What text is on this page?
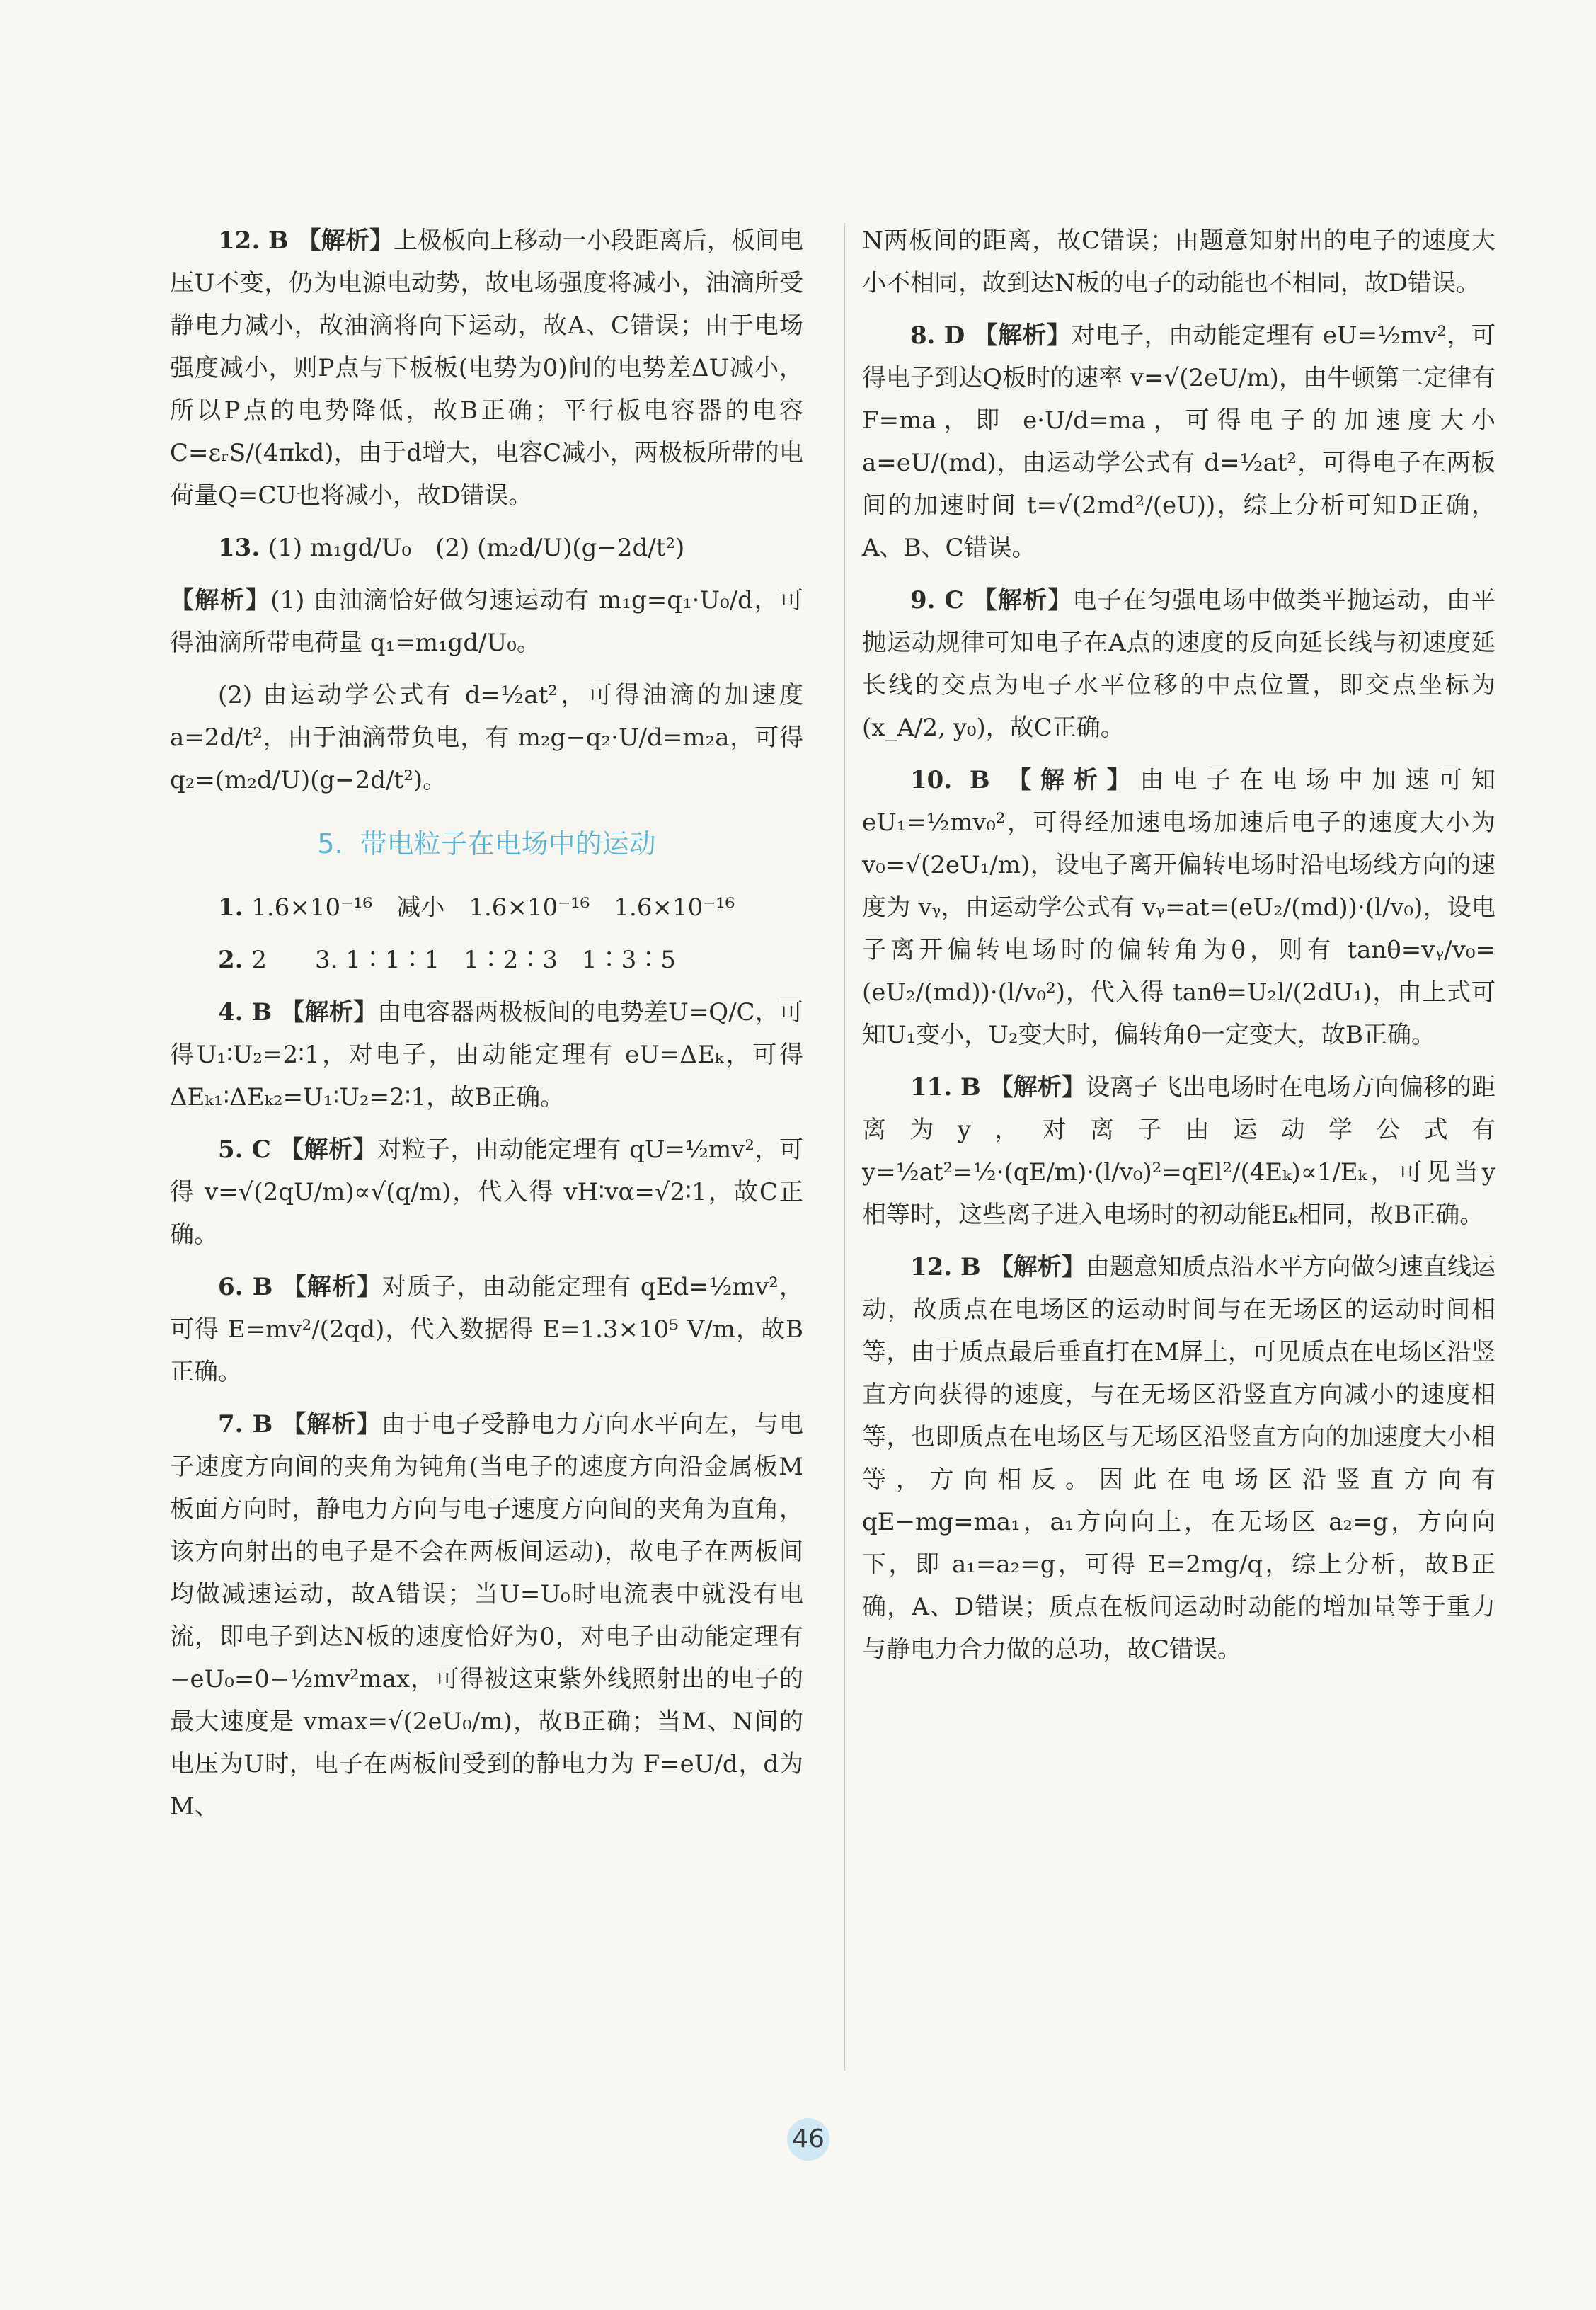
12. B 【解析】上极板向上移动一小段距离后，板间电压U不变，仍为电源电动势，故电场强度将减小，油滴所受静电力减小，故油滴将向下运动，故A、C错误；由于电场强度减小，则P点与下板板(电势为0)间的电势差ΔU减小，所以P点的电势降低，故B正确；平行板电容器的电容C=εᵣS/(4πkd)，由于d增大，电容C减小，两极板所带的电荷量Q=CU也将减小，故D错误。

13. (1) m₁gd/U₀　(2) (m₂d/U)(g−2d/t²)

【解析】(1) 由油滴恰好做匀速运动有 m₁g=q₁·U₀/d，可得油滴所带电荷量 q₁=m₁gd/U₀。

(2) 由运动学公式有 d=½at²，可得油滴的加速度 a=2d/t²，由于油滴带负电，有 m₂g−q₂·U/d=m₂a，可得 q₂=(m₂d/U)(g−2d/t²)。

5. 带电粒子在电场中的运动

1. 1.6×10⁻¹⁶　减小　1.6×10⁻¹⁶　1.6×10⁻¹⁶

2. 2　　3. 1∶1∶1　1∶2∶3　1∶3∶5

4. B 【解析】由电容器两极板间的电势差U=Q/C，可得U₁∶U₂=2∶1，对电子，由动能定理有 eU=ΔEₖ，可得 ΔEₖ₁∶ΔEₖ₂=U₁∶U₂=2∶1，故B正确。

5. C 【解析】对粒子，由动能定理有 qU=½mv²，可得 v=√(2qU/m)∝√(q/m)，代入得 vH∶vα=√2∶1，故C正确。

6. B 【解析】对质子，由动能定理有 qEd=½mv²，可得 E=mv²/(2qd)，代入数据得 E=1.3×10⁵ V/m，故B正确。

7. B 【解析】由于电子受静电力方向水平向左，与电子速度方向间的夹角为钝角(当电子的速度方向沿金属板M板面方向时，静电力方向与电子速度方向间的夹角为直角，该方向射出的电子是不会在两板间运动)，故电子在两板间均做减速运动，故A错误；当U=U₀时电流表中就没有电流，即电子到达N板的速度恰好为0，对电子由动能定理有 −eU₀=0−½mv²max，可得被这束紫外线照射出的电子的最大速度是 vmax=√(2eU₀/m)，故B正确；当M、N间的电压为U时，电子在两板间受到的静电力为 F=eU/d，d为M、

N两板间的距离，故C错误；由题意知射出的电子的速度大小不相同，故到达N板的电子的动能也不相同，故D错误。

8. D 【解析】对电子，由动能定理有 eU=½mv²，可得电子到达Q板时的速率 v=√(2eU/m)，由牛顿第二定律有 F=ma，即 e·U/d=ma，可得电子的加速度大小 a=eU/(md)，由运动学公式有 d=½at²，可得电子在两板间的加速时间 t=√(2md²/(eU))，综上分析可知D正确，A、B、C错误。

9. C 【解析】电子在匀强电场中做类平抛运动，由平抛运动规律可知电子在A点的速度的反向延长线与初速度延长线的交点为电子水平位移的中点位置，即交点坐标为(x_A/2, y₀)，故C正确。

10. B 【解析】由电子在电场中加速可知 eU₁=½mv₀²，可得经加速电场加速后电子的速度大小为 v₀=√(2eU₁/m)，设电子离开偏转电场时沿电场线方向的速度为 vᵧ，由运动学公式有 vᵧ=at=(eU₂/(md))·(l/v₀)，设电子离开偏转电场时的偏转角为θ，则有 tanθ=vᵧ/v₀=(eU₂/(md))·(l/v₀²)，代入得 tanθ=U₂l/(2dU₁)，由上式可知U₁变小，U₂变大时，偏转角θ一定变大，故B正确。

11. B 【解析】设离子飞出电场时在电场方向偏移的距离为y，对离子由运动学公式有 y=½at²=½·(qE/m)·(l/v₀)²=qEl²/(4Eₖ)∝1/Eₖ，可见当y相等时，这些离子进入电场时的初动能Eₖ相同，故B正确。

12. B 【解析】由题意知质点沿水平方向做匀速直线运动，故质点在电场区的运动时间与在无场区的运动时间相等，由于质点最后垂直打在M屏上，可见质点在电场区沿竖直方向获得的速度，与在无场区沿竖直方向减小的速度相等，也即质点在电场区与无场区沿竖直方向的加速度大小相等，方向相反。因此在电场区沿竖直方向有 qE−mg=ma₁，a₁方向向上，在无场区 a₂=g，方向向下，即 a₁=a₂=g，可得 E=2mg/q，综上分析，故B正确，A、D错误；质点在板间运动时动能的增加量等于重力与静电力合力做的总功，故C错误。

46
